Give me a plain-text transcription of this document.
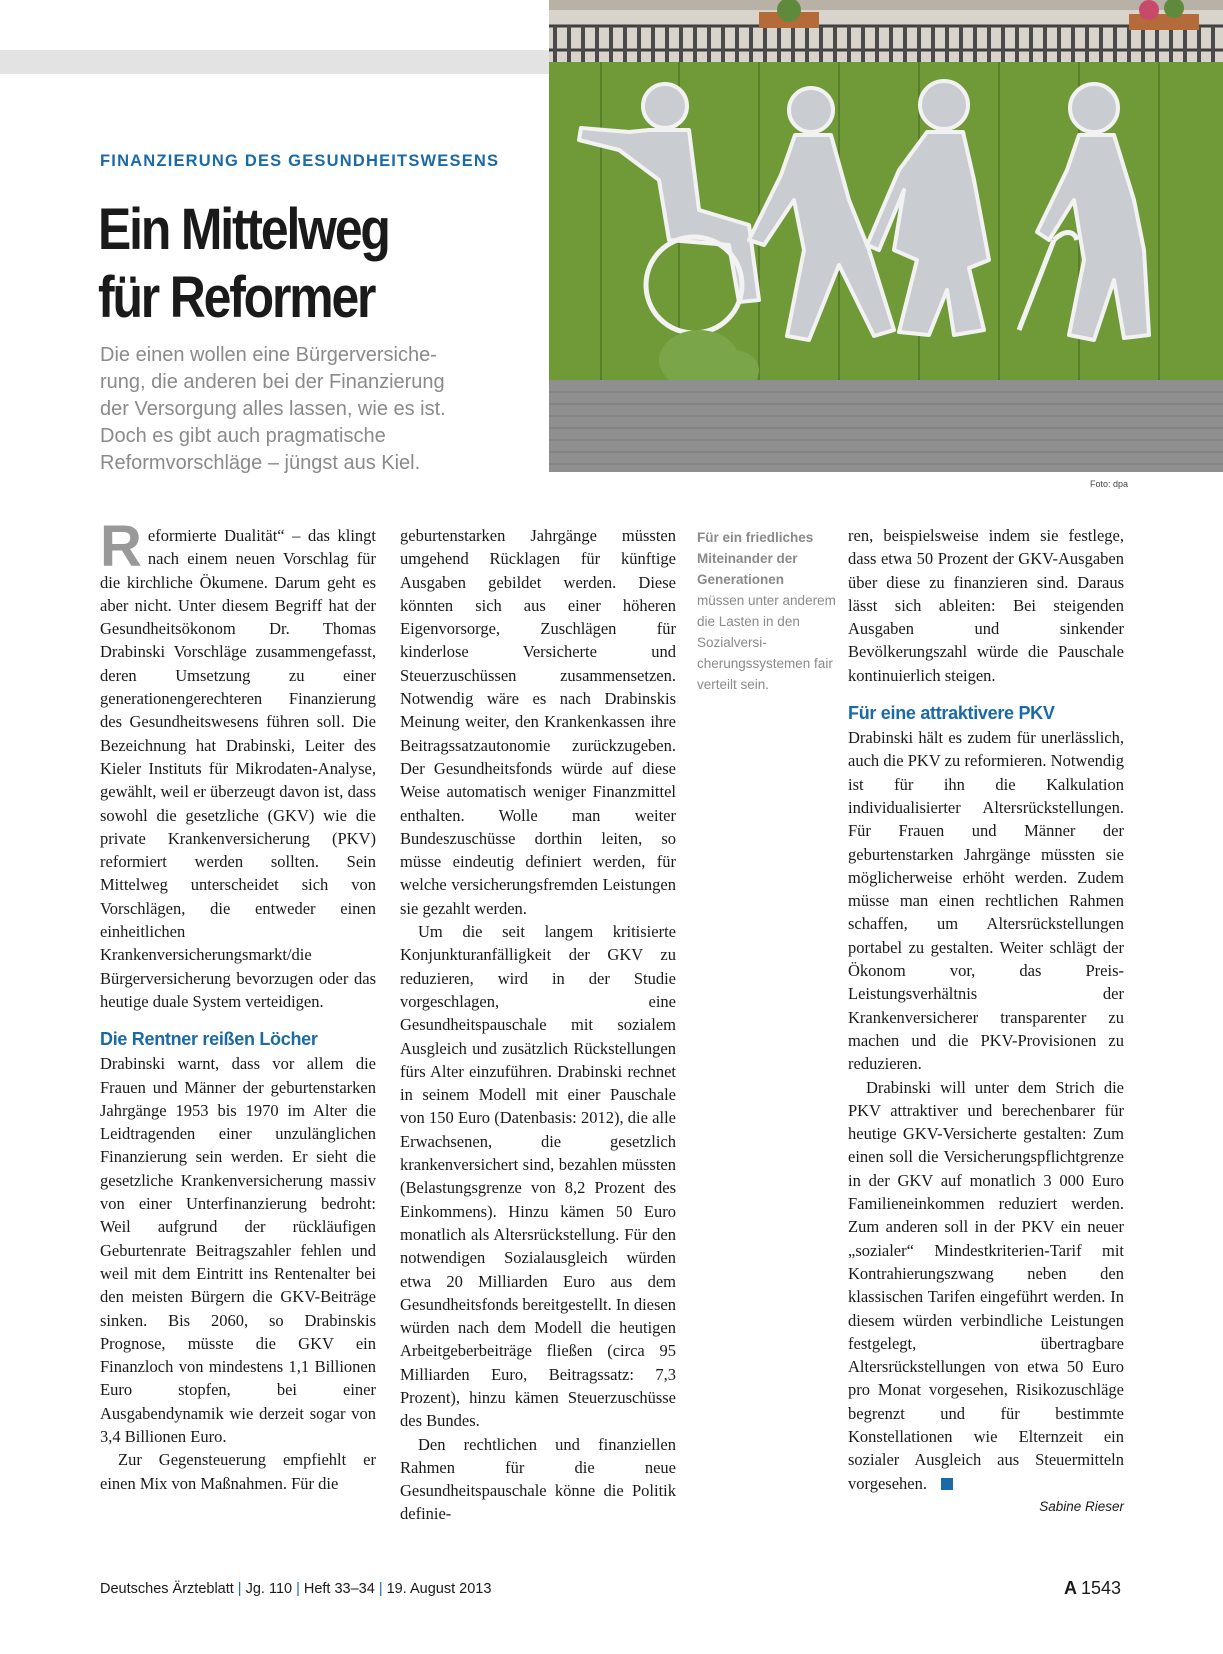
FINANZIERUNG DES GESUNDHEITSWESENS
Ein Mittelweg
für Reformer
Die einen wollen eine Bürgerversiche-
rung, die anderen bei der Finanzierung
der Versorgung alles lassen, wie es ist.
Doch es gibt auch pragmatische
Reformvorschläge – jüngst aus Kiel.
Foto: dpa

Reformierte Dualität“ – das klingt nach einem neuen Vorschlag für die kirchliche Ökumene. Darum geht es aber nicht. Unter diesem Begriff hat der Gesundheitsökonom Dr. Thomas Drabinski Vorschläge zusammengefasst, deren Umsetzung zu einer generationengerechteren Finanzierung des Gesundheitswesens führen soll. Die Bezeichnung hat Drabinski, Leiter des Kieler Instituts für Mikrodaten-Analyse, gewählt, weil er überzeugt davon ist, dass sowohl die gesetzliche (GKV) wie die private Krankenversicherung (PKV) reformiert werden sollten. Sein Mittelweg unterscheidet sich von Vorschlägen, die entweder einen einheitlichen Krankenversicherungsmarkt/die Bürgerversicherung bevorzugen oder das heutige duale System verteidigen.

Die Rentner reißen Löcher

Drabinski warnt, dass vor allem die Frauen und Männer der geburtenstarken Jahrgänge 1953 bis 1970 im Alter die Leidtragenden einer unzulänglichen Finanzierung sein werden. Er sieht die gesetzliche Krankenversicherung massiv von einer Unterfinanzierung bedroht: Weil aufgrund der rückläufigen Geburtenrate Beitragszahler fehlen und weil mit dem Eintritt ins Rentenalter bei den meisten Bürgern die GKV-Beiträge sinken. Bis 2060, so Drabinskis Prognose, müsste die GKV ein Finanzloch von mindestens 1,1 Billionen Euro stopfen, bei einer Ausgabendynamik wie derzeit sogar von 3,4 Billionen Euro.

Zur Gegensteuerung empfiehlt er einen Mix von Maßnahmen. Für die

geburtenstarken Jahrgänge müssten umgehend Rücklagen für künftige Ausgaben gebildet werden. Diese könnten sich aus einer höheren Eigenvorsorge, Zuschlägen für kinderlose Versicherte und Steuerzuschüssen zusammensetzen. Notwendig wäre es nach Drabinskis Meinung weiter, den Krankenkassen ihre Beitragssatzautonomie zurückzugeben. Der Gesundheitsfonds würde auf diese Weise automatisch weniger Finanzmittel enthalten. Wolle man weiter Bundeszuschüsse dorthin leiten, so müsse eindeutig definiert werden, für welche versicherungsfremden Leistungen sie gezahlt werden.

Um die seit langem kritisierte Konjunkturanfälligkeit der GKV zu reduzieren, wird in der Studie vorgeschlagen, eine Gesundheitspauschale mit sozialem Ausgleich und zusätzlich Rückstellungen fürs Alter einzuführen. Drabinski rechnet in seinem Modell mit einer Pauschale von 150 Euro (Datenbasis: 2012), die alle Erwachsenen, die gesetzlich krankenversichert sind, bezahlen müssten (Belastungsgrenze von 8,2 Prozent des Einkommens). Hinzu kämen 50 Euro monatlich als Altersrückstellung. Für den notwendigen Sozialausgleich würden etwa 20 Milliarden Euro aus dem Gesundheitsfonds bereitgestellt. In diesen würden nach dem Modell die heutigen Arbeitgeberbeiträge fließen (circa 95 Milliarden Euro, Beitragssatz: 7,3 Prozent), hinzu kämen Steuerzuschüsse des Bundes.

Den rechtlichen und finanziellen Rahmen für die neue Gesundheitspauschale könne die Politik definie-

Für ein friedliches Miteinander der Generationen
müssen unter anderem die Lasten in den Sozialversicherungssystemen fair verteilt sein.

ren, beispielsweise indem sie festlege, dass etwa 50 Prozent der GKV-Ausgaben über diese zu finanzieren sind. Daraus lässt sich ableiten: Bei steigenden Ausgaben und sinkender Bevölkerungszahl würde die Pauschale kontinuierlich steigen.

Für eine attraktivere PKV

Drabinski hält es zudem für unerlässlich, auch die PKV zu reformieren. Notwendig ist für ihn die Kalkulation individualisierter Altersrückstellungen. Für Frauen und Männer der geburtenstarken Jahrgänge müssten sie möglicherweise erhöht werden. Zudem müsse man einen rechtlichen Rahmen schaffen, um Altersrückstellungen portabel zu gestalten. Weiter schlägt der Ökonom vor, das Preis-Leistungsverhältnis der Krankenversicherer transparenter zu machen und die PKV-Provisionen zu reduzieren.

Drabinski will unter dem Strich die PKV attraktiver und berechenbarer für heutige GKV-Versicherte gestalten: Zum einen soll die Versicherungspflichtgrenze in der GKV auf monatlich 3 000 Euro Familieneinkommen reduziert werden. Zum anderen soll in der PKV ein neuer „sozialer“ Mindestkriterien-Tarif mit Kontrahierungszwang neben den klassischen Tarifen eingeführt werden. In diesem würden verbindliche Leistungen festgelegt, übertragbare Altersrückstellungen von etwa 50 Euro pro Monat vorgesehen, Risikozuschläge begrenzt und für bestimmte Konstellationen wie Elternzeit ein sozialer Ausgleich aus Steuermitteln vorgesehen.

Sabine Rieser
Deutsches Ärzteblatt | Jg. 110 | Heft 33–34 | 19. August 2013	A 1543
